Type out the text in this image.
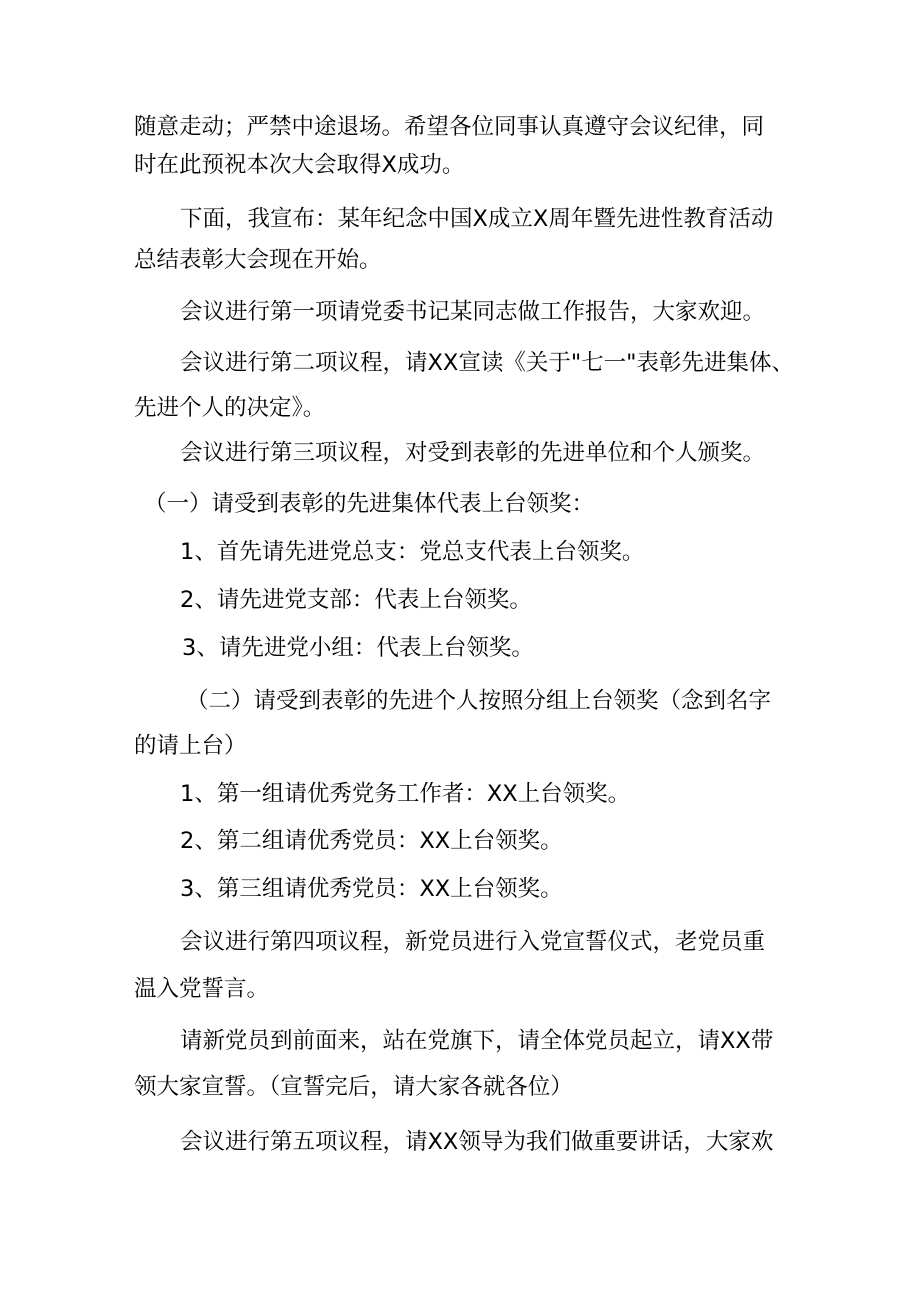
随意走动；严禁中途退场。希望各位同事认真遵守会议纪律，同
时在此预祝本次大会取得X成功。
下面，我宣布：某年纪念中国X成立X周年暨先进性教育活动
总结表彰大会现在开始。
会议进行第一项请党委书记某同志做工作报告，大家欢迎。
会议进行第二项议程，请XX宣读《关于"七一"表彰先进集体、
先进个人的决定》。
会议进行第三项议程，对受到表彰的先进单位和个人颁奖。
（一）请受到表彰的先进集体代表上台领奖：
1、首先请先进党总支：党总支代表上台领奖。
2、请先进党支部：代表上台领奖。
3、请先进党小组：代表上台领奖。
（二）请受到表彰的先进个人按照分组上台领奖（念到名字
的请上台）
1、第一组请优秀党务工作者：XX上台领奖。
2、第二组请优秀党员：XX上台领奖。
3、第三组请优秀党员：XX上台领奖。
会议进行第四项议程，新党员进行入党宣誓仪式，老党员重
温入党誓言。
请新党员到前面来，站在党旗下，请全体党员起立，请XX带
领大家宣誓。（宣誓完后，请大家各就各位）
会议进行第五项议程，请XX领导为我们做重要讲话，大家欢
